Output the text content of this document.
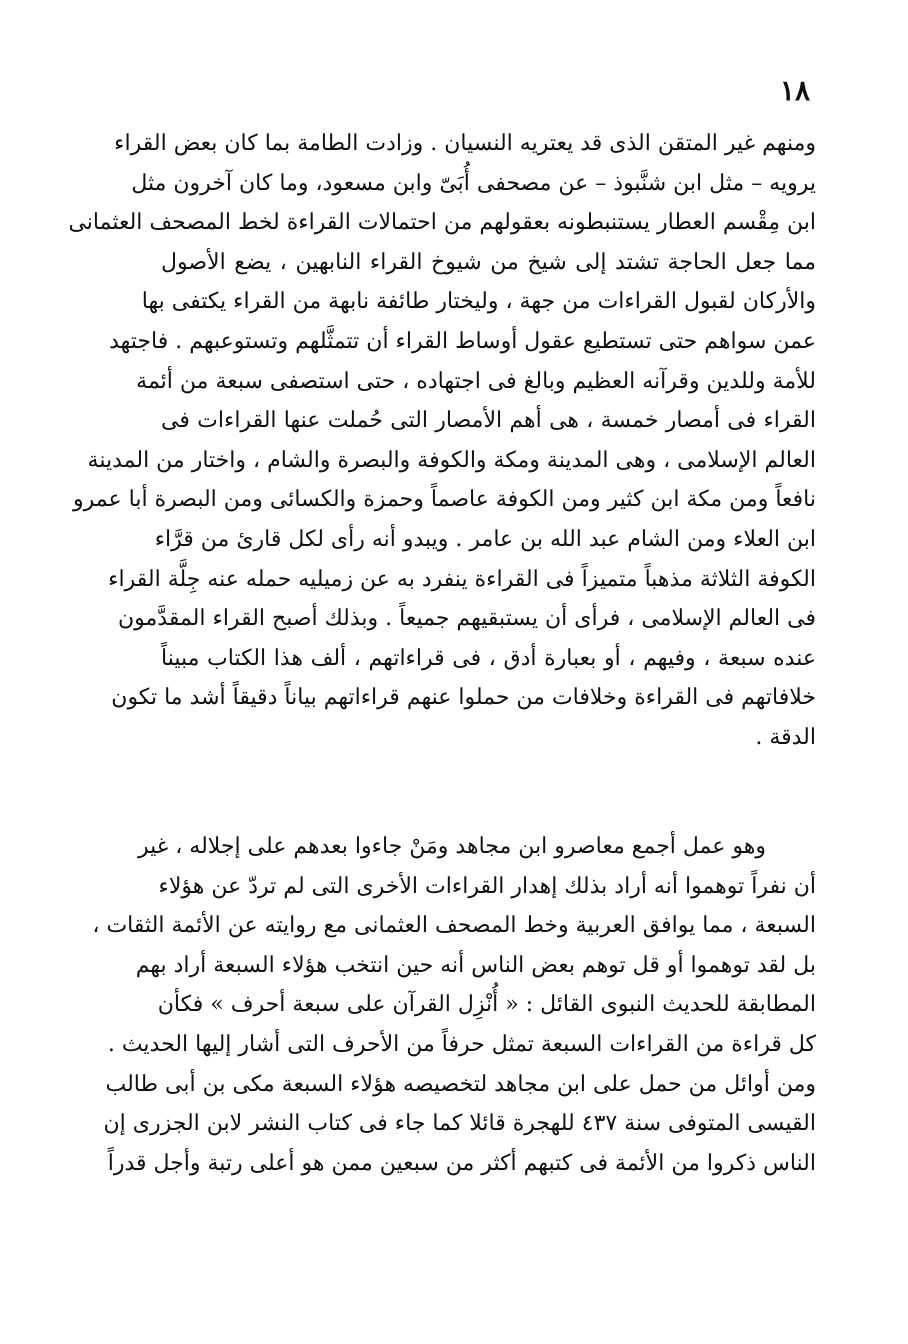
١٨
ومنهم غير المتقن الذى قد يعتريه النسيان . وزادت الطامة بما كان بعض القراء
يرويه – مثل ابن شنَّبوذ – عن مصحفى أُبَىّ وابن مسعود، وما كان آخرون مثل
ابن مِقْسم العطار يستنبطونه بعقولهم من احتمالات القراءة لخط المصحف العثمانى
مما جعل الحاجة تشتد إلى شيخ من شيوخ القراء النابهين ، يضع الأصول
والأركان لقبول القراءات من جهة ، وليختار طائفة نابهة من القراء يكتفى بها
عمن سواهم حتى تستطيع عقول أوساط القراء أن تتمثَّلهم وتستوعبهم . فاجتهد
للأمة وللدين وقرآنه العظيم وبالغ فى اجتهاده ، حتى استصفى سبعة من أئمة
القراء فى أمصار خمسة ، هى أهم الأمصار التى حُملت عنها القراءات فى
العالم الإسلامى ، وهى المدينة ومكة والكوفة والبصرة والشام ، واختار من المدينة
نافعاً ومن مكة ابن كثير ومن الكوفة عاصماً وحمزة والكسائى ومن البصرة أبا عمرو
ابن العلاء ومن الشام عبد الله بن عامر . ويبدو أنه رأى لكل قارئ من قرَّاء
الكوفة الثلاثة مذهباً متميزاً فى القراءة ينفرد به عن زميليه حمله عنه جِلَّة القراء
فى العالم الإسلامى ، فرأى أن يستبقيهم جميعاً . وبذلك أصبح القراء المقدَّمون
عنده سبعة ، وفيهم ، أو بعبارة أدق ، فى قراءاتهم ، ألف هذا الكتاب مبيناً
خلافاتهم فى القراءة وخلافات من حملوا عنهم قراءاتهم بياناً دقيقاً أشد ما تكون
الدقة .
وهو عمل أجمع معاصرو ابن مجاهد ومَنْ جاءوا بعدهم على إجلاله ، غير
أن نفراً توهموا أنه أراد بذلك إهدار القراءات الأخرى التى لم تردّ عن هؤلاء
السبعة ، مما يوافق العربية وخط المصحف العثمانى مع روايته عن الأئمة الثقات ،
بل لقد توهموا أو قل توهم بعض الناس أنه حين انتخب هؤلاء السبعة أراد بهم
المطابقة للحديث النبوى القائل : « أُنْزِل القرآن على سبعة أحرف » فكأن
كل قراءة من القراءات السبعة تمثل حرفاً من الأحرف التى أشار إليها الحديث .
ومن أوائل من حمل على ابن مجاهد لتخصيصه هؤلاء السبعة مكى بن أبى طالب
القيسى المتوفى سنة ٤٣٧ للهجرة قائلا كما جاء فى كتاب النشر لابن الجزرى إن
الناس ذكروا من الأئمة فى كتبهم أكثر من سبعين ممن هو أعلى رتبة وأجل قدراً
